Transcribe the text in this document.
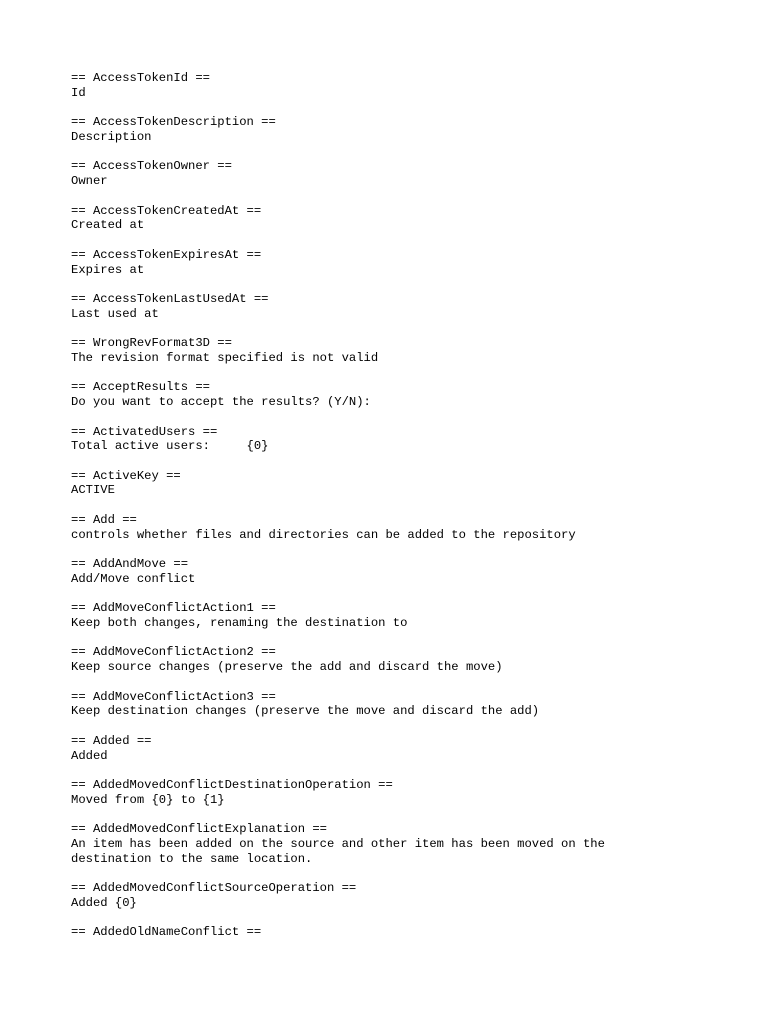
== AccessTokenId ==
Id
== AccessTokenDescription ==
Description
== AccessTokenOwner ==
Owner
== AccessTokenCreatedAt ==
Created at
== AccessTokenExpiresAt ==
Expires at
== AccessTokenLastUsedAt ==
Last used at
== WrongRevFormat3D ==
The revision format specified is not valid
== AcceptResults ==
Do you want to accept the results? (Y/N):
== ActivatedUsers ==
Total active users:     {0}
== ActiveKey ==
ACTIVE
== Add ==
controls whether files and directories can be added to the repository
== AddAndMove ==
Add/Move conflict
== AddMoveConflictAction1 ==
Keep both changes, renaming the destination to
== AddMoveConflictAction2 ==
Keep source changes (preserve the add and discard the move)
== AddMoveConflictAction3 ==
Keep destination changes (preserve the move and discard the add)
== Added ==
Added
== AddedMovedConflictDestinationOperation ==
Moved from {0} to {1}
== AddedMovedConflictExplanation ==
An item has been added on the source and other item has been moved on the
destination to the same location.
== AddedMovedConflictSourceOperation ==
Added {0}
== AddedOldNameConflict ==
